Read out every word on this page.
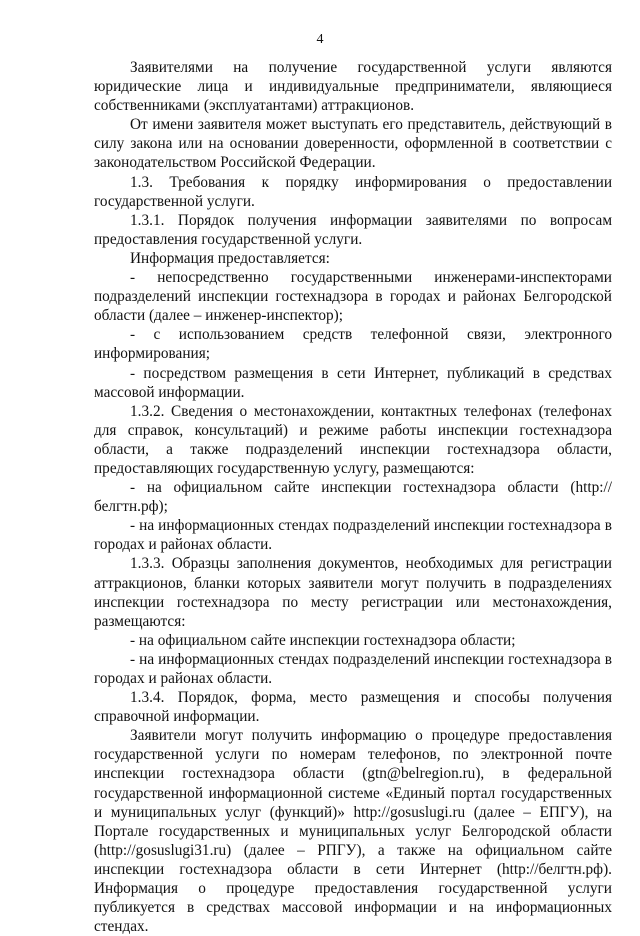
4

Заявителями на получение государственной услуги являются юридические лица и индивидуальные предприниматели, являющиеся собственниками (эксплуатантами) аттракционов.

От имени заявителя может выступать его представитель, действующий в силу закона или на основании доверенности, оформленной в соответствии с законодательством Российской Федерации.

1.3. Требования к порядку информирования о предоставлении государственной услуги.

1.3.1. Порядок получения информации заявителями по вопросам предоставления государственной услуги.

Информация предоставляется:

- непосредственно государственными инженерами-инспекторами подразделений инспекции гостехнадзора в городах и районах Белгородской области (далее – инженер-инспектор);

- с использованием средств телефонной связи, электронного информирования;

- посредством размещения в сети Интернет, публикаций в средствах массовой информации.

1.3.2. Сведения о местонахождении, контактных телефонах (телефонах для справок, консультаций) и режиме работы инспекции гостехнадзора области, а также подразделений инспекции гостехнадзора области, предоставляющих государственную услугу, размещаются:

- на официальном сайте инспекции гостехнадзора области (http://белгтн.рф);

- на информационных стендах подразделений инспекции гостехнадзора в городах и районах области.

1.3.3. Образцы заполнения документов, необходимых для регистрации аттракционов, бланки которых заявители могут получить в подразделениях инспекции гостехнадзора по месту регистрации или местонахождения, размещаются:

- на официальном сайте инспекции гостехнадзора области;

- на информационных стендах подразделений инспекции гостехнадзора в городах и районах области.

1.3.4. Порядок, форма, место размещения и способы получения справочной информации.

Заявители могут получить информацию о процедуре предоставления государственной услуги по номерам телефонов, по электронной почте инспекции гостехнадзора области (gtn@belregion.ru), в федеральной государственной информационной системе «Единый портал государственных и муниципальных услуг (функций)» http://gosuslugi.ru (далее – ЕПГУ), на Портале государственных и муниципальных услуг Белгородской области (http://gosuslugi31.ru) (далее – РПГУ), а также на официальном сайте инспекции гостехнадзора области в сети Интернет (http://белгтн.рф). Информация о процедуре предоставления государственной услуги публикуется в средствах массовой информации и на информационных стендах.
